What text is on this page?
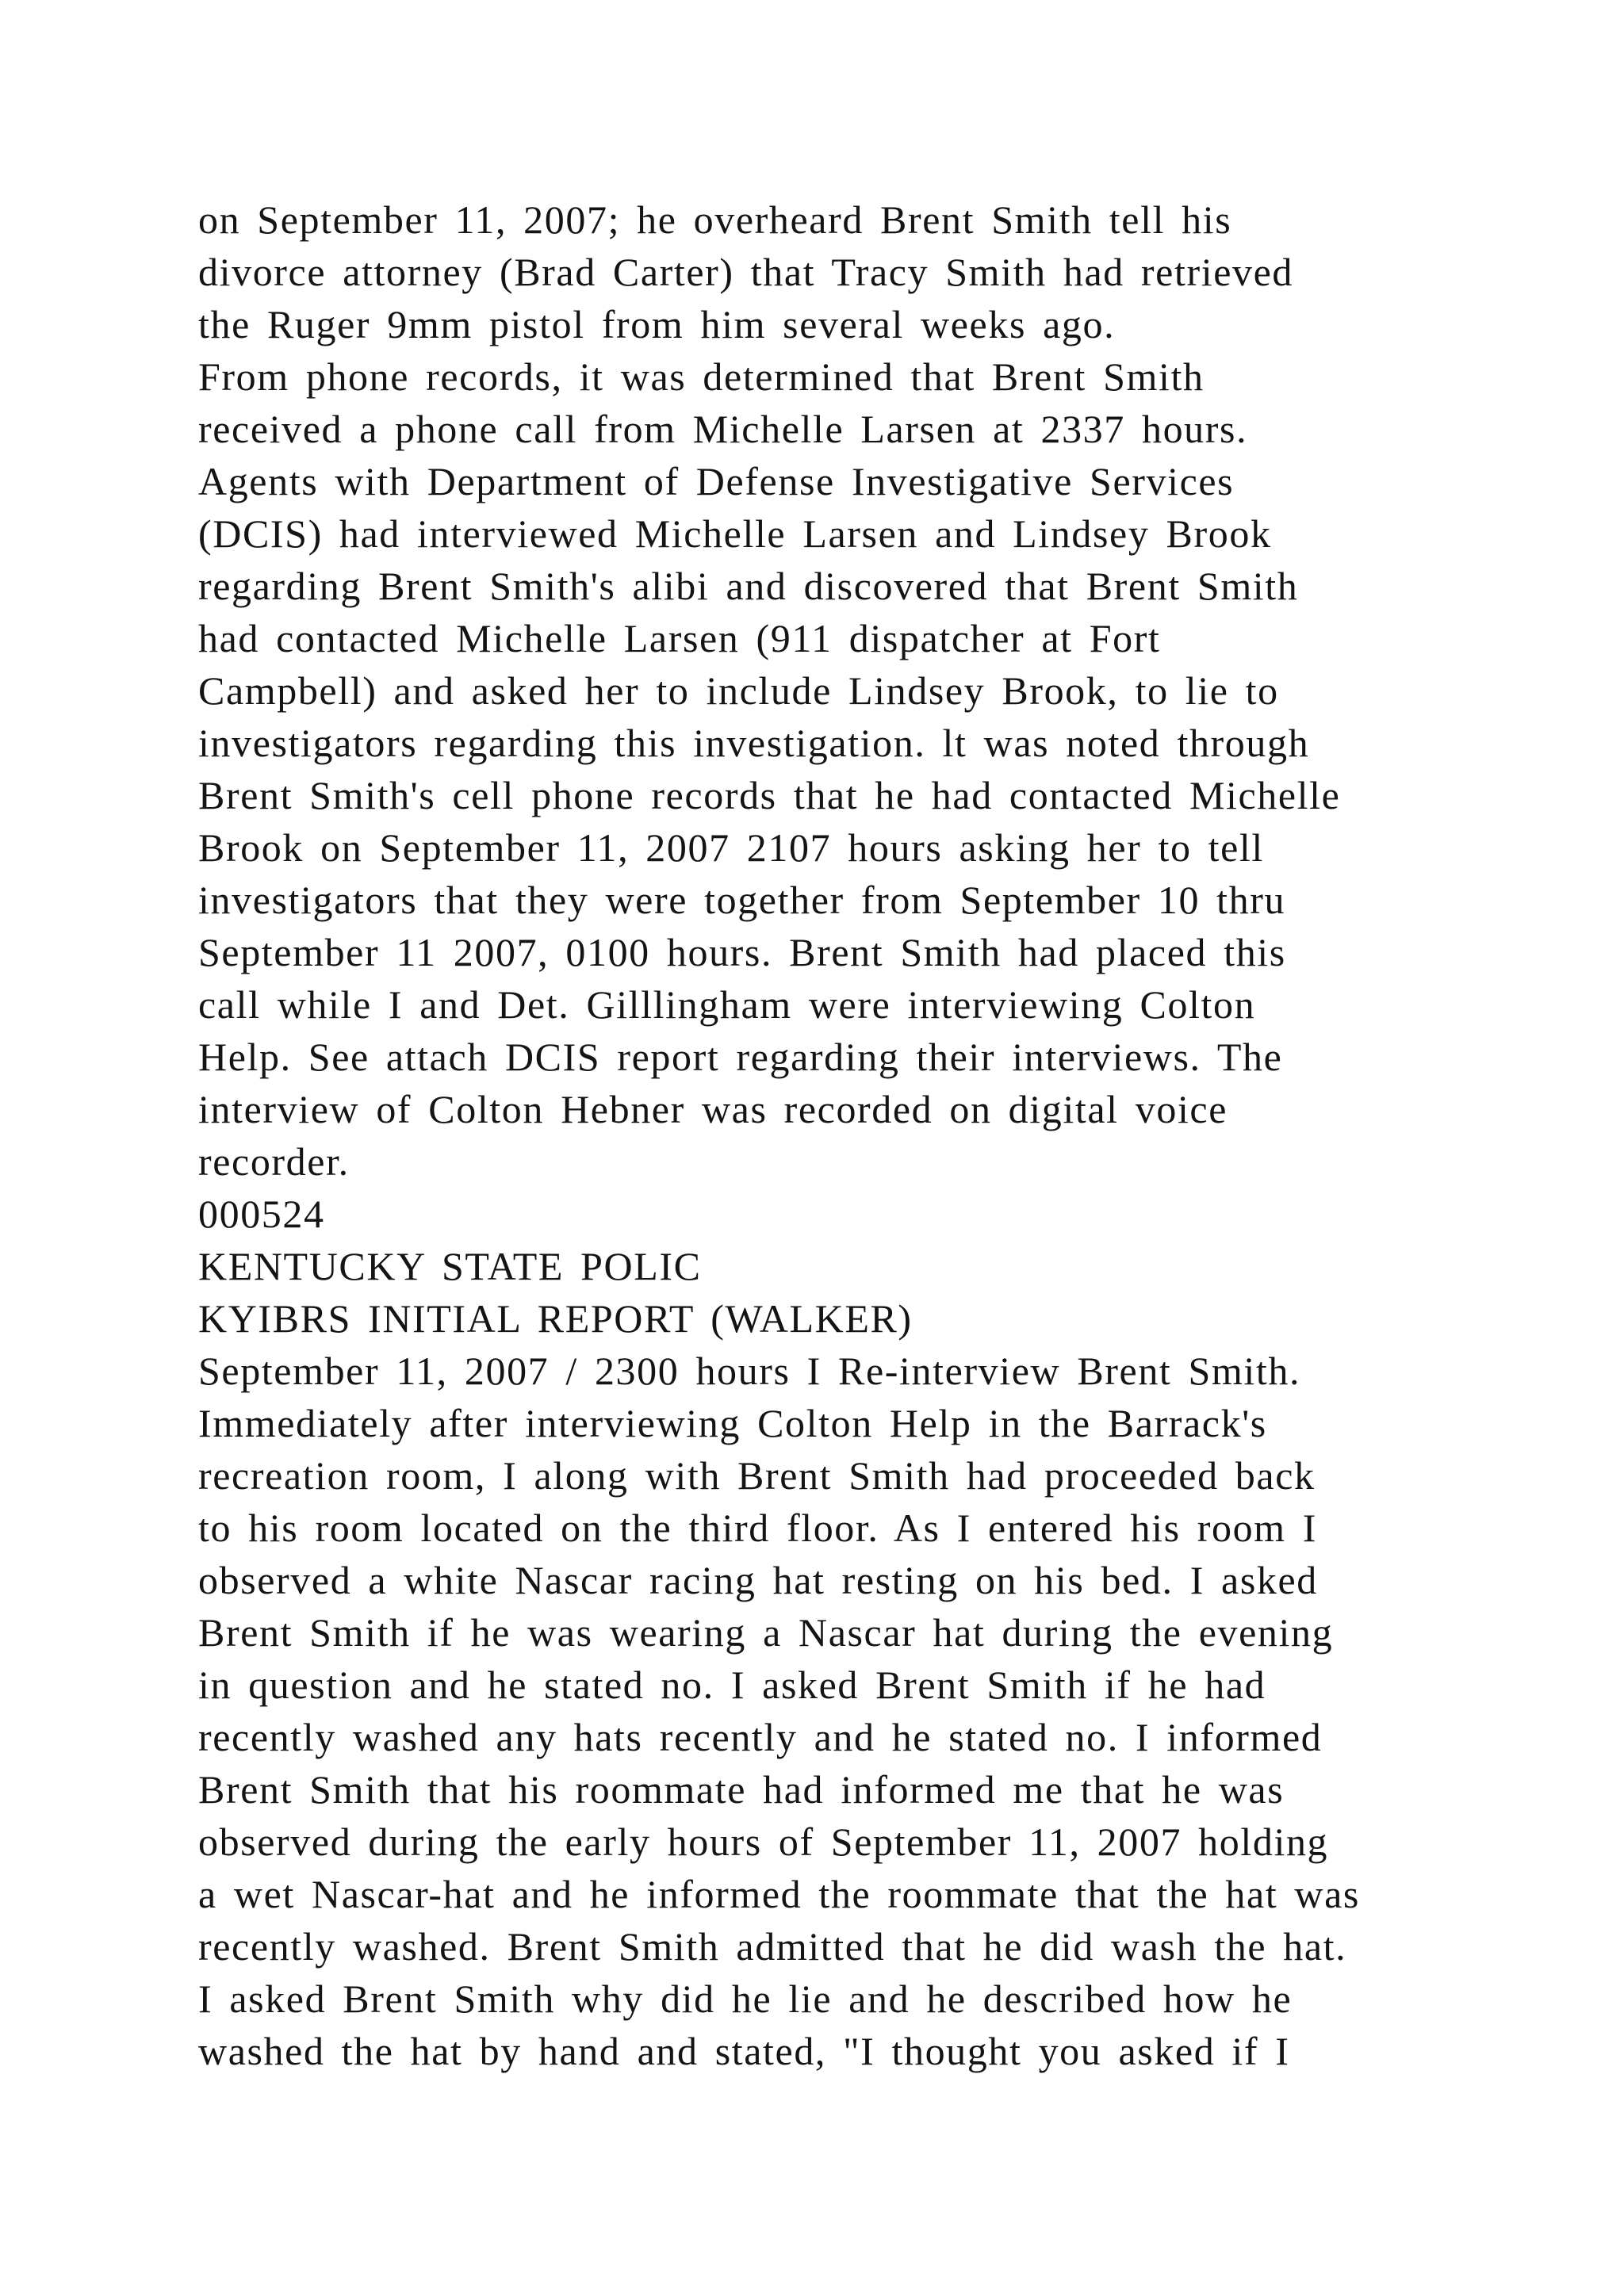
on September 11, 2007; he overheard Brent Smith tell his
divorce attorney (Brad Carter) that Tracy Smith had retrieved
the Ruger 9mm pistol from him several weeks ago.
From phone records, it was determined that Brent Smith
received a phone call from Michelle Larsen at 2337 hours.
Agents with Department of Defense Investigative Services
(DCIS) had interviewed Michelle Larsen and Lindsey Brook
regarding Brent Smith's alibi and discovered that Brent Smith
had contacted Michelle Larsen (911 dispatcher at Fort
Campbell) and asked her to include Lindsey Brook, to lie to
investigators regarding this investigation. lt was noted through
Brent Smith's cell phone records that he had contacted Michelle
Brook on September 11, 2007 2107 hours asking her to tell
investigators that they were together from September 10 thru
September 11 2007, 0100 hours. Brent Smith had placed this
call while I and Det. Gilllingham were interviewing Colton
Help. See attach DCIS report regarding their interviews. The
interview of Colton Hebner was recorded on digital voice
recorder.
000524
KENTUCKY STATE POLIC
KYIBRS INITIAL REPORT (WALKER)
September 11, 2007 / 2300 hours I Re-interview Brent Smith.
Immediately after interviewing Colton Help in the Barrack's
recreation room, I along with Brent Smith had proceeded back
to his room located on the third floor. As I entered his room I
observed a white Nascar racing hat resting on his bed. I asked
Brent Smith if he was wearing a Nascar hat during the evening
in question and he stated no. I asked Brent Smith if he had
recently washed any hats recently and he stated no. I informed
Brent Smith that his roommate had informed me that he was
observed during the early hours of September 11, 2007 holding
a wet Nascar-hat and he informed the roommate that the hat was
recently washed. Brent Smith admitted that he did wash the hat.
I asked Brent Smith why did he lie and he described how he
washed the hat by hand and stated, "I thought you asked if I
